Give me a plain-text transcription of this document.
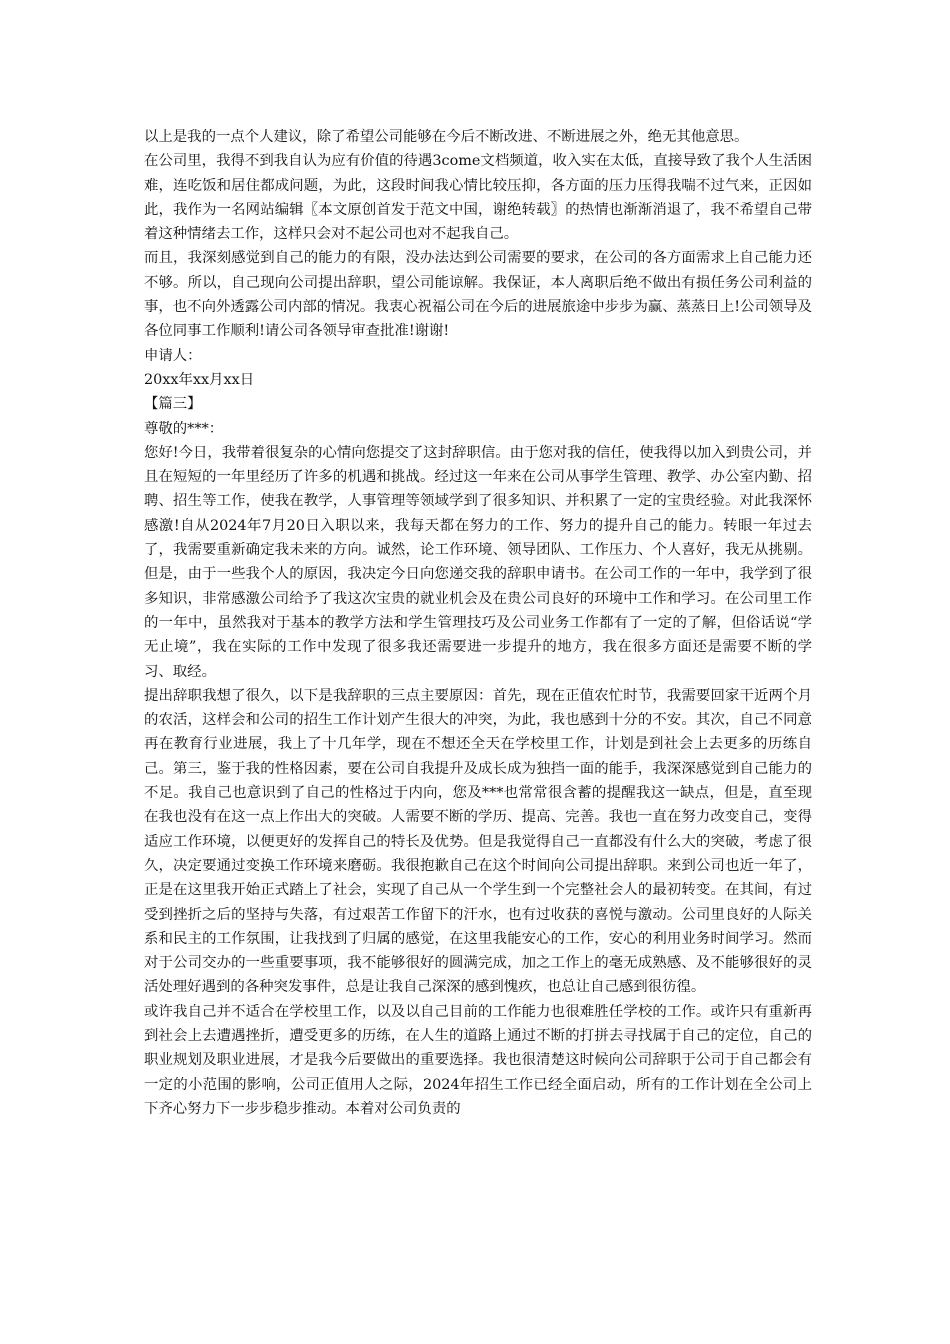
以上是我的一点个人建议，除了希望公司能够在今后不断改进、不断进展之外，绝无其他意思。

在公司里，我得不到我自认为应有价值的待遇3come文档频道，收入实在太低，直接导致了我个人生活困难，连吃饭和居住都成问题，为此，这段时间我心情比较压抑，各方面的压力压得我喘不过气来，正因如此，我作为一名网站编辑〖本文原创首发于范文中国，谢绝转载〗的热情也渐渐消退了，我不希望自己带着这种情绪去工作，这样只会对不起公司也对不起我自己。

而且，我深刻感觉到自己的能力的有限，没办法达到公司需要的要求，在公司的各方面需求上自己能力还不够。所以，自己现向公司提出辞职，望公司能谅解。我保证，本人离职后绝不做出有损任务公司利益的事，也不向外透露公司内部的情况。我衷心祝福公司在今后的进展旅途中步步为赢、蒸蒸日上!公司领导及各位同事工作顺利!请公司各领导审查批准!谢谢!

申请人：

20xx年xx月xx日

【篇三】

尊敬的***：

您好!今日，我带着很复杂的心情向您提交了这封辞职信。由于您对我的信任，使我得以加入到贵公司，并且在短短的一年里经历了许多的机遇和挑战。经过这一年来在公司从事学生管理、教学、办公室内勤、招聘、招生等工作，使我在教学，人事管理等领域学到了很多知识、并积累了一定的宝贵经验。对此我深怀感激!自从2024年7月20日入职以来，我每天都在努力的工作、努力的提升自己的能力。转眼一年过去了，我需要重新确定我未来的方向。诚然，论工作环境、领导团队、工作压力、个人喜好，我无从挑剔。但是，由于一些我个人的原因，我决定今日向您递交我的辞职申请书。在公司工作的一年中，我学到了很多知识，非常感激公司给予了我这次宝贵的就业机会及在贵公司良好的环境中工作和学习。在公司里工作的一年中，虽然我对于基本的教学方法和学生管理技巧及公司业务工作都有了一定的了解，但俗话说“学无止境”，我在实际的工作中发现了很多我还需要进一步提升的地方，我在很多方面还是需要不断的学习、取经。

提出辞职我想了很久，以下是我辞职的三点主要原因：首先，现在正值农忙时节，我需要回家干近两个月的农活，这样会和公司的招生工作计划产生很大的冲突，为此，我也感到十分的不安。其次，自己不同意再在教育行业进展，我上了十几年学，现在不想还全天在学校里工作，计划是到社会上去更多的历练自己。第三，鉴于我的性格因素，要在公司自我提升及成长成为独挡一面的能手，我深深感觉到自己能力的不足。我自己也意识到了自己的性格过于内向，您及***也常常很含蓄的提醒我这一缺点，但是，直至现在我也没有在这一点上作出大的突破。人需要不断的学历、提高、完善。我也一直在努力改变自己，变得适应工作环境，以便更好的发挥自己的特长及优势。但是我觉得自己一直都没有什么大的突破，考虑了很久，决定要通过变换工作环境来磨砺。我很抱歉自己在这个时间向公司提出辞职。来到公司也近一年了，正是在这里我开始正式踏上了社会，实现了自己从一个学生到一个完整社会人的最初转变。在其间，有过受到挫折之后的坚持与失落，有过艰苦工作留下的汗水，也有过收获的喜悦与激动。公司里良好的人际关系和民主的工作氛围，让我找到了归属的感觉，在这里我能安心的工作，安心的利用业务时间学习。然而对于公司交办的一些重要事项，我不能够很好的圆满完成，加之工作上的毫无成熟感、及不能够很好的灵活处理好遇到的各种突发事件，总是让我自己深深的感到愧疚，也总让自己感到很彷徨。

或许我自己并不适合在学校里工作，以及以自己目前的工作能力也很难胜任学校的工作。或许只有重新再到社会上去遭遇挫折，遭受更多的历练，在人生的道路上通过不断的打拼去寻找属于自己的定位，自己的职业规划及职业进展，才是我今后要做出的重要选择。我也很清楚这时候向公司辞职于公司于自己都会有一定的小范围的影响，公司正值用人之际，2024年招生工作已经全面启动，所有的工作计划在全公司上下齐心努力下一步步稳步推动。本着对公司负责的
